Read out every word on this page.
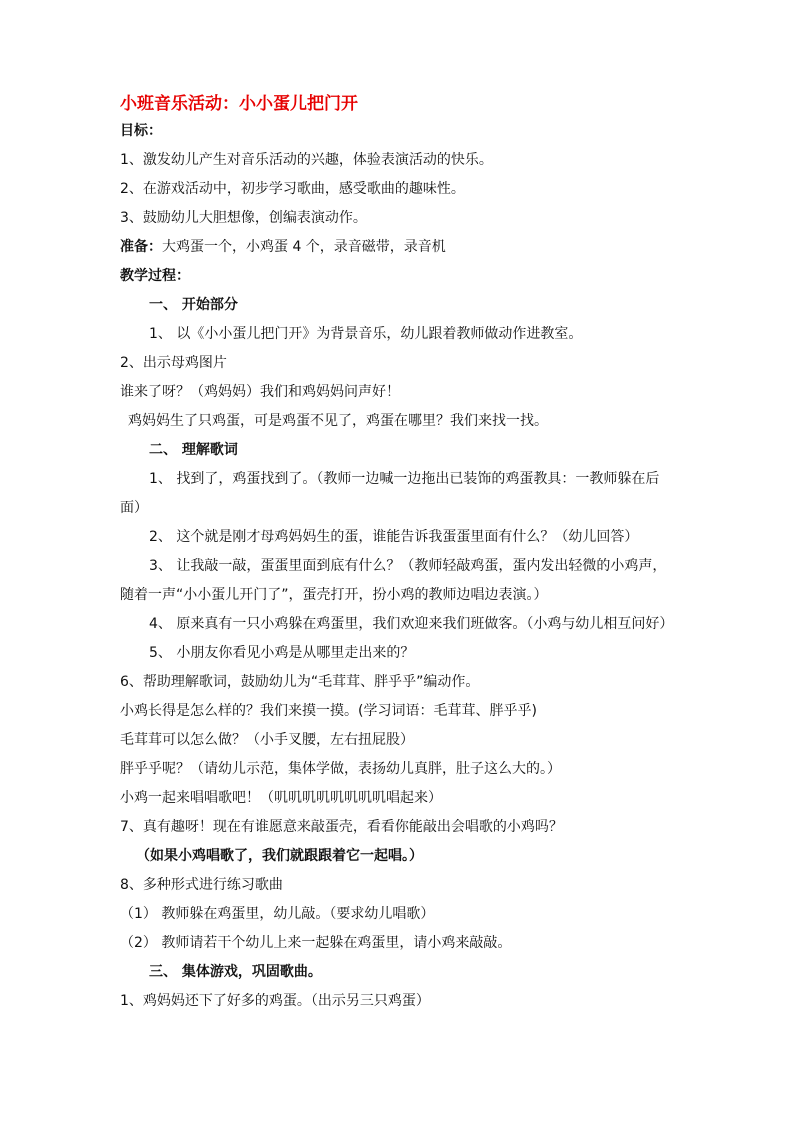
小班音乐活动：小小蛋儿把门开

目标：

1、激发幼儿产生对音乐活动的兴趣，体验表演活动的快乐。

2、在游戏活动中，初步学习歌曲，感受歌曲的趣味性。

3、鼓励幼儿大胆想像，创编表演动作。

准备：大鸡蛋一个，小鸡蛋 4 个，录音磁带，录音机

教学过程：

一、 开始部分

1、 以《小小蛋儿把门开》为背景音乐，幼儿跟着教师做动作进教室。

2、出示母鸡图片

谁来了呀？（鸡妈妈）我们和鸡妈妈问声好！

鸡妈妈生了只鸡蛋，可是鸡蛋不见了，鸡蛋在哪里？我们来找一找。

二、 理解歌词

1、 找到了，鸡蛋找到了。（教师一边喊一边拖出已装饰的鸡蛋教具：一教师躲在后面）

2、 这个就是刚才母鸡妈妈生的蛋，谁能告诉我蛋蛋里面有什么？（幼儿回答）

3、 让我敲一敲，蛋蛋里面到底有什么？（教师轻敲鸡蛋，蛋内发出轻微的小鸡声，随着一声“小小蛋儿开门了”，蛋壳打开，扮小鸡的教师边唱边表演。）

4、 原来真有一只小鸡躲在鸡蛋里，我们欢迎来我们班做客。（小鸡与幼儿相互问好）

5、 小朋友你看见小鸡是从哪里走出来的？

6、帮助理解歌词，鼓励幼儿为“毛茸茸、胖乎乎”编动作。

小鸡长得是怎么样的？我们来摸一摸。(学习词语：毛茸茸、胖乎乎)

毛茸茸可以怎么做？（小手叉腰，左右扭屁股）

胖乎乎呢？（请幼儿示范，集体学做，表扬幼儿真胖，肚子这么大的。）

小鸡一起来唱唱歌吧！（叽叽叽叽叽叽叽叽唱起来）

7、真有趣呀！现在有谁愿意来敲蛋壳，看看你能敲出会唱歌的小鸡吗？

（如果小鸡唱歌了，我们就跟跟着它一起唱。）

8、多种形式进行练习歌曲

（1） 教师躲在鸡蛋里，幼儿敲。（要求幼儿唱歌）

（2） 教师请若干个幼儿上来一起躲在鸡蛋里，请小鸡来敲敲。

三、 集体游戏，巩固歌曲。

1、鸡妈妈还下了好多的鸡蛋。（出示另三只鸡蛋）
